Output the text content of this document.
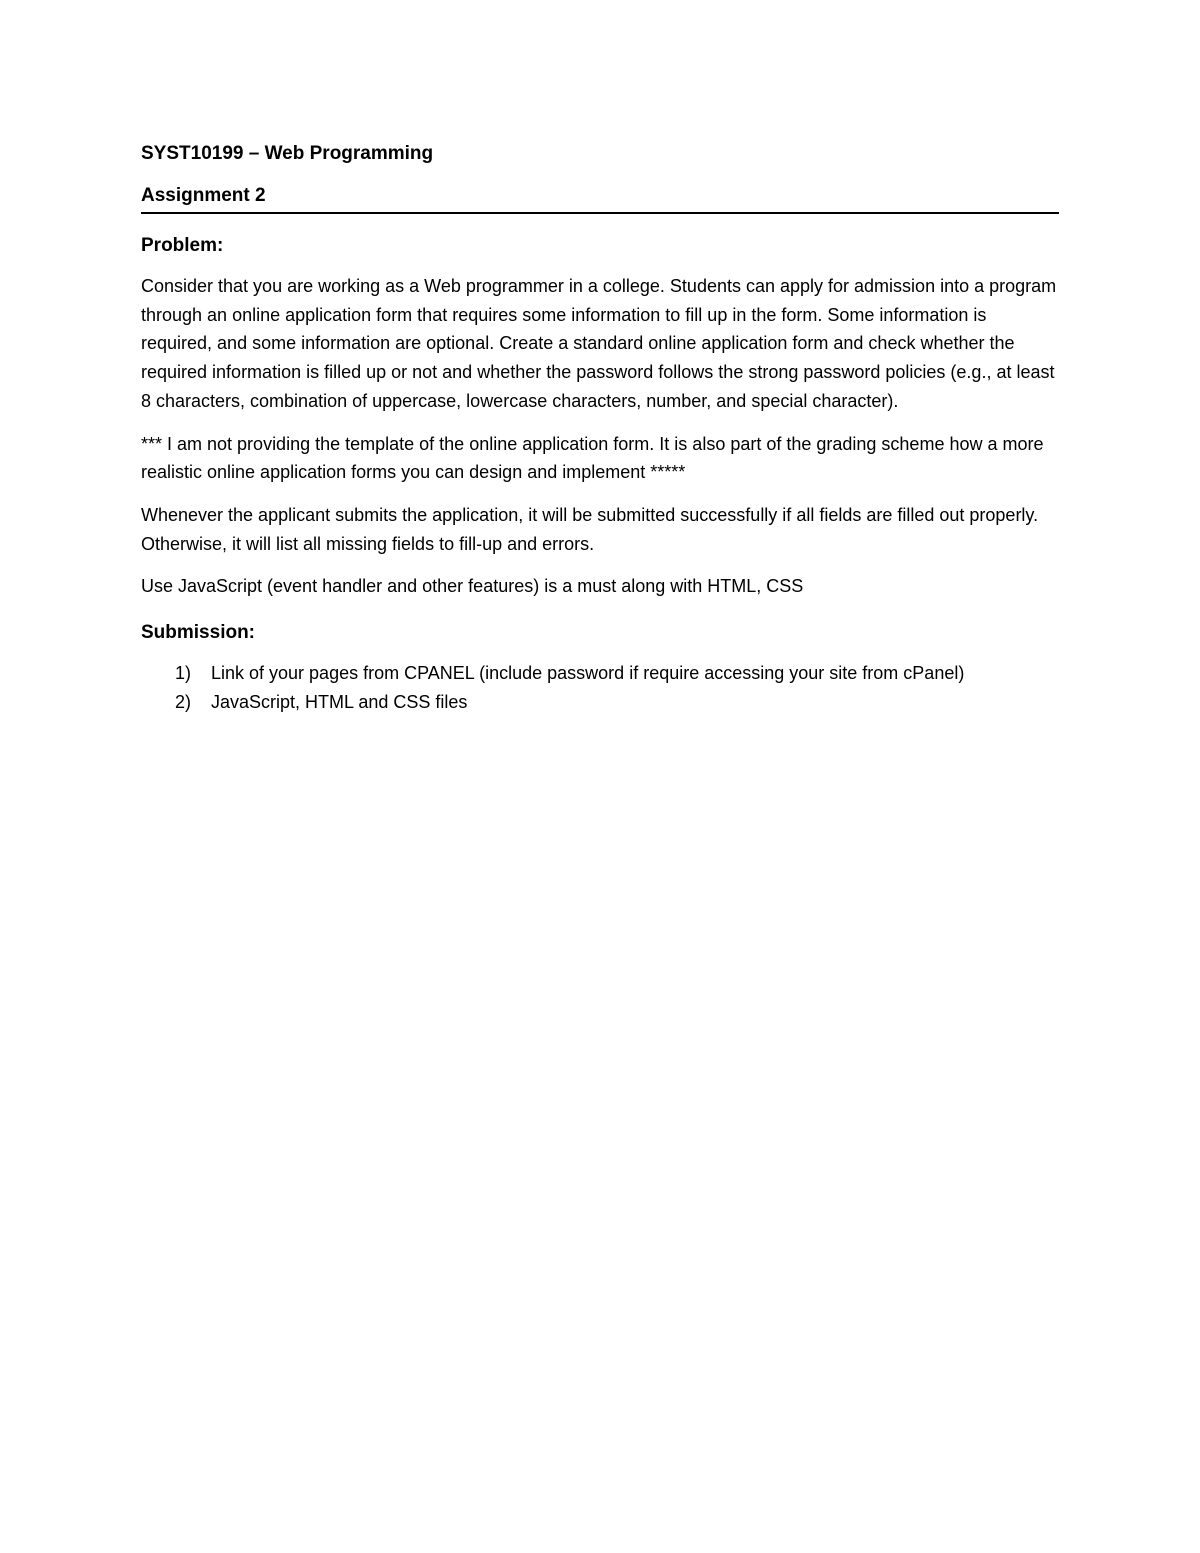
SYST10199 – Web Programming
Assignment 2
Problem:

Consider that you are working as a Web programmer in a college. Students can apply for admission into a program through an online application form that requires some information to fill up in the form. Some information is required, and some information are optional. Create a standard online application form and check whether the required information is filled up or not and whether the password follows the strong password policies (e.g., at least 8 characters, combination of uppercase, lowercase characters, number, and special character).

*** I am not providing the template of the online application form. It is also part of the grading scheme how a more realistic online application forms you can design and implement *****

Whenever the applicant submits the application, it will be submitted successfully if all fields are filled out properly. Otherwise, it will list all missing fields to fill-up and errors.

Use JavaScript (event handler and other features) is a must along with HTML, CSS

Submission:
1) Link of your pages from CPANEL (include password if require accessing your site from cPanel)
2) JavaScript, HTML and CSS files
